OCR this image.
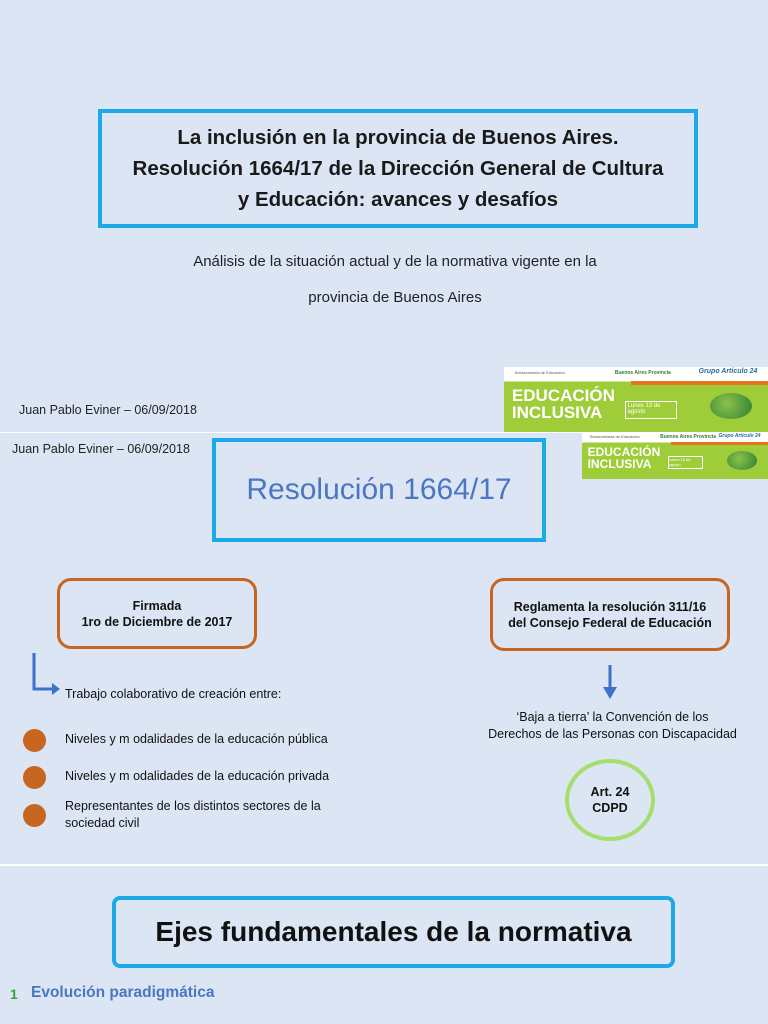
La inclusión en la provincia de Buenos Aires.
Resolución 1664/17 de la Dirección General de Cultura
y Educación: avances y desafíos
Análisis de la situación actual y de la normativa vigente en la
provincia de Buenos Aires
Juan Pablo Eviner – 06/09/2018
Subsecretaría de Educación	Buenos Aires Provincia	Grupo Artículo 24
EDUCACIÓN
INCLUSIVA	Lunes 13 de agosto
Juan Pablo Eviner – 06/09/2018
Subsecretaría de Educación	Buenos Aires Provincia Grupo Artículo 24
EDUCACIÓN
INCLUSIVA	Lunes 13 de agosto
Resolución 1664/17
Firmada
1ro de Diciembre de 2017
Reglamenta la resolución 311/16
del Consejo Federal de Educación
Trabajo colaborativo de creación entre:
Niveles y m odalidades de la educación pública
Niveles y m odalidades de la educación privada
Representantes de los distintos sectores de la sociedad civil
‘Baja a tierra’ la Convención de los
Derechos de las Personas con Discapacidad
Art. 24
CDPD
Ejes fundamentales de la normativa
1 Evolución paradigmática
